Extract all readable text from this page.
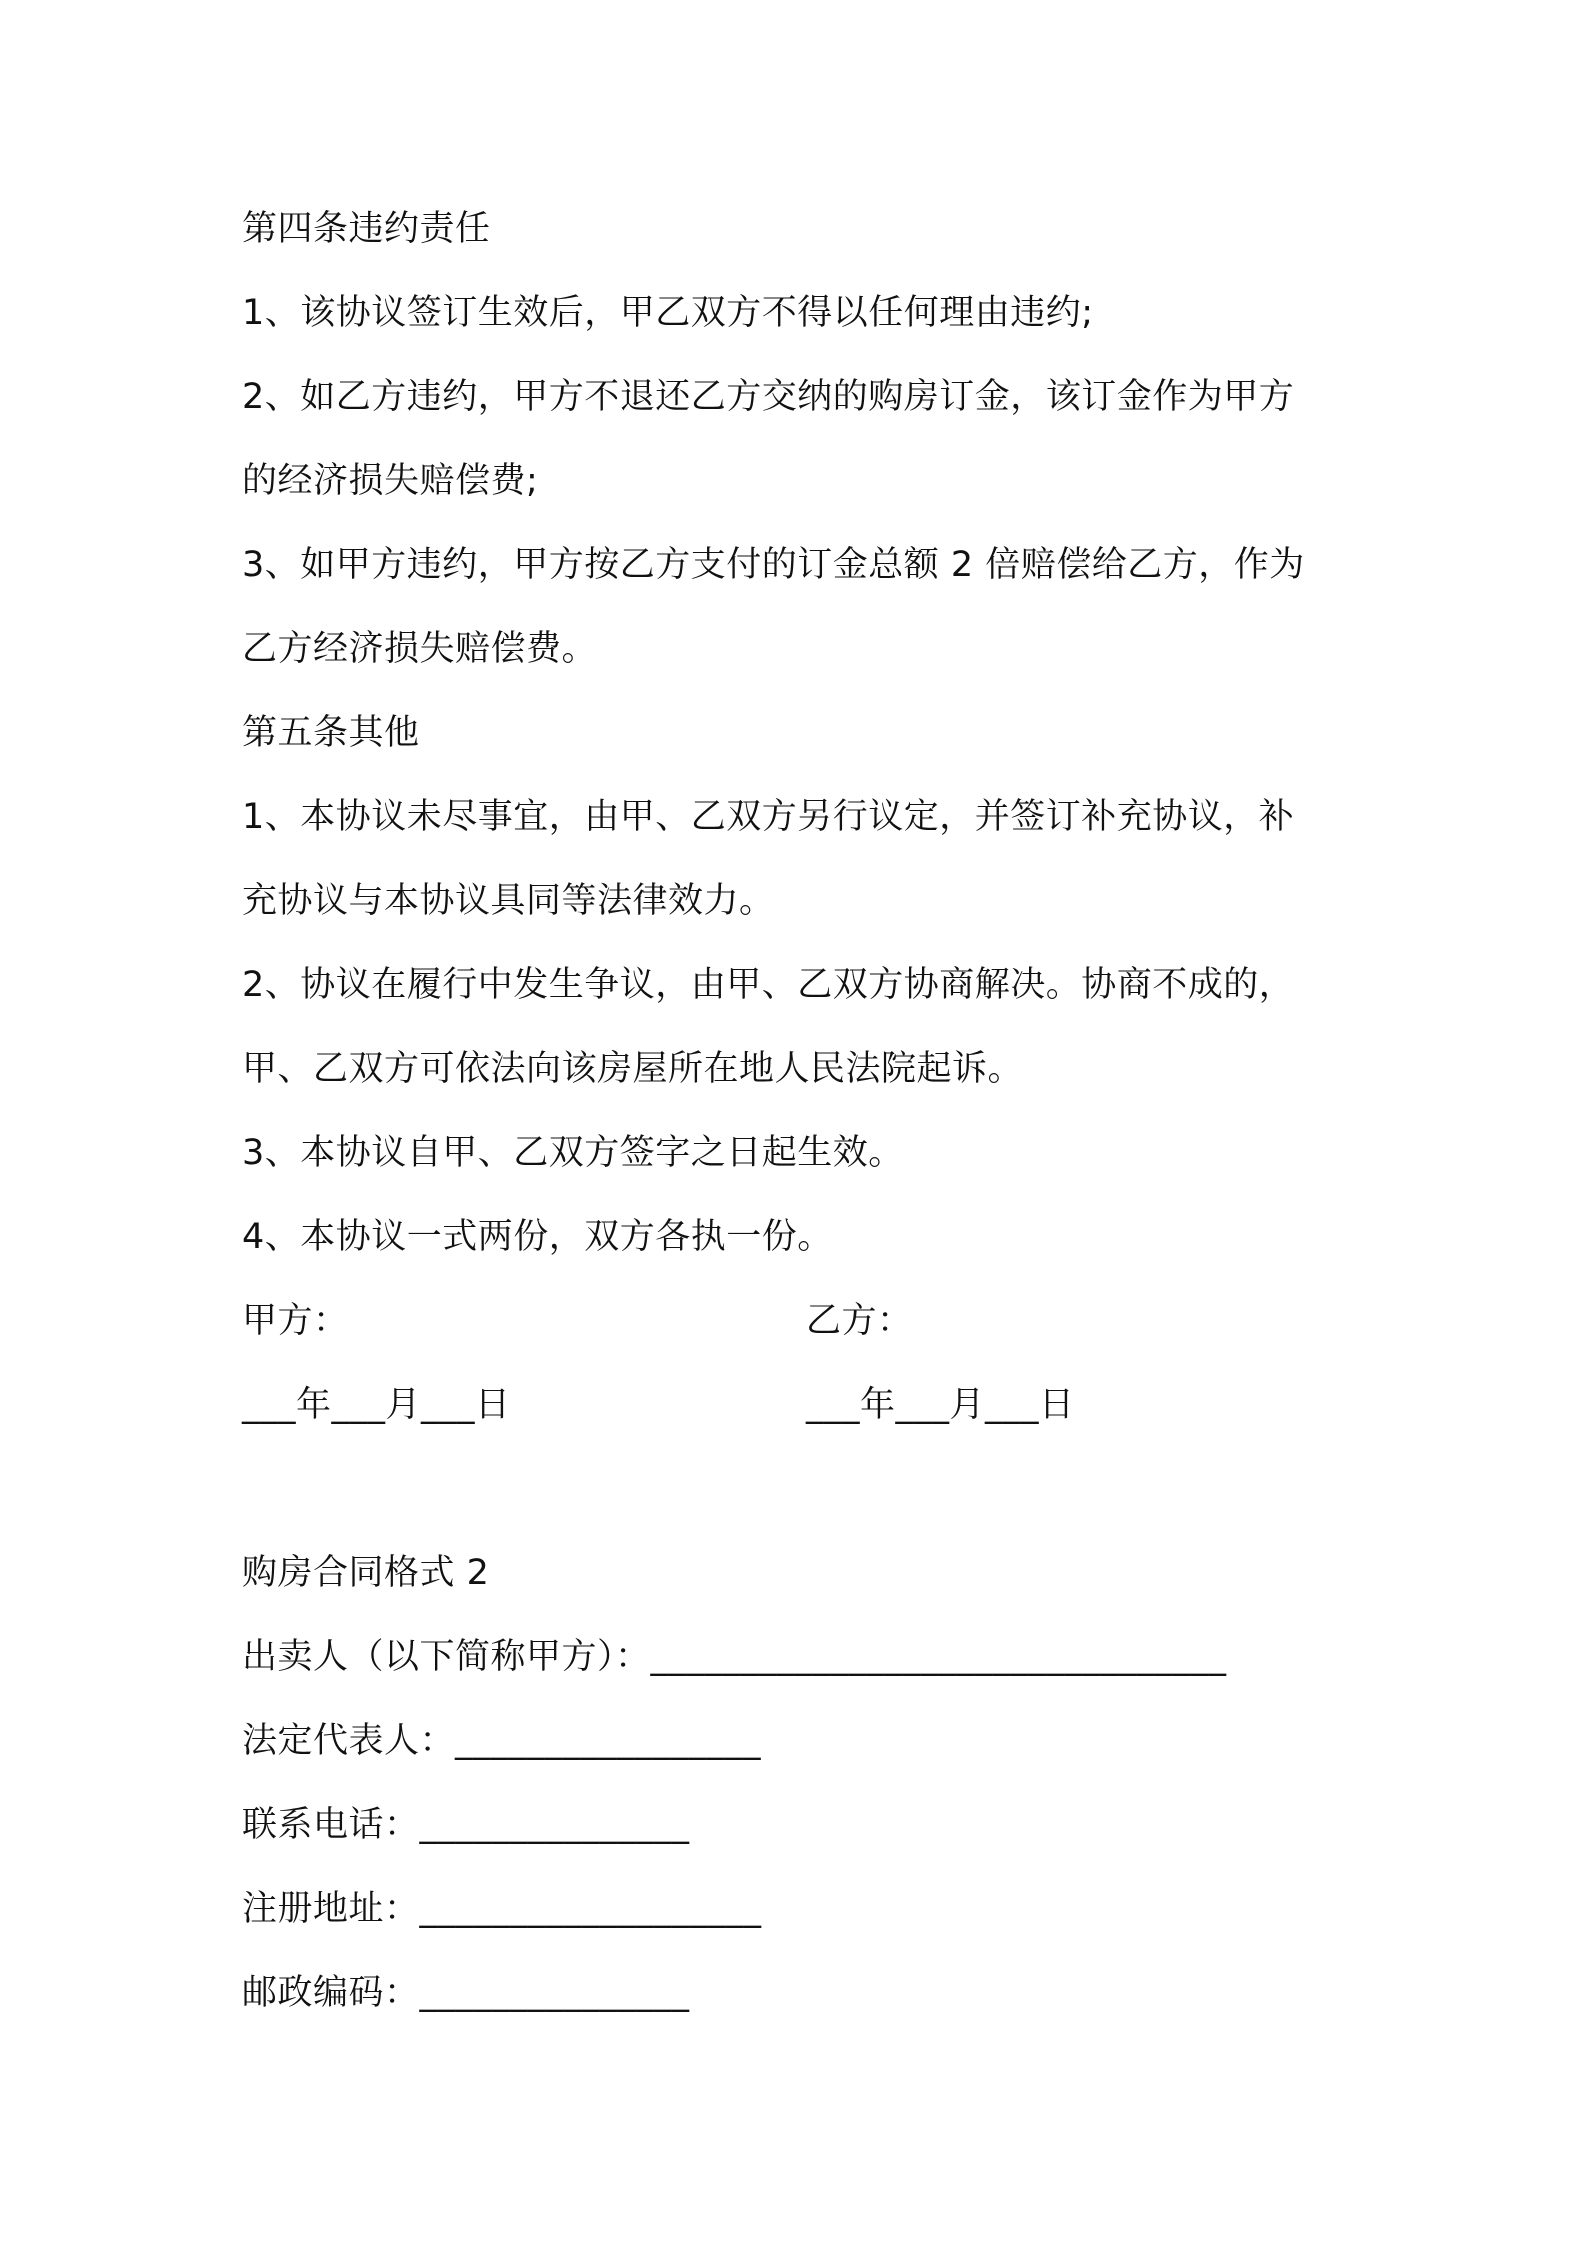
第四条违约责任
1、该协议签订生效后，甲乙双方不得以任何理由违约;
2、如乙方违约，甲方不退还乙方交纳的购房订金，该订金作为甲方
的经济损失赔偿费;
3、如甲方违约，甲方按乙方支付的订金总额 2 倍赔偿给乙方，作为
乙方经济损失赔偿费。
第五条其他
1、本协议未尽事宜，由甲、乙双方另行议定，并签订补充协议，补
充协议与本协议具同等法律效力。
2、协议在履行中发生争议，由甲、乙双方协商解决。协商不成的，
甲、乙双方可依法向该房屋所在地人民法院起诉。
3、本协议自甲、乙双方签字之日起生效。
4、本协议一式两份，双方各执一份。
甲方：	乙方：
___年___月___日	___年___月___日
购房合同格式 2
出卖人（以下简称甲方）：________________________________
法定代表人：_________________
联系电话：_______________
注册地址：___________________
邮政编码：_______________
